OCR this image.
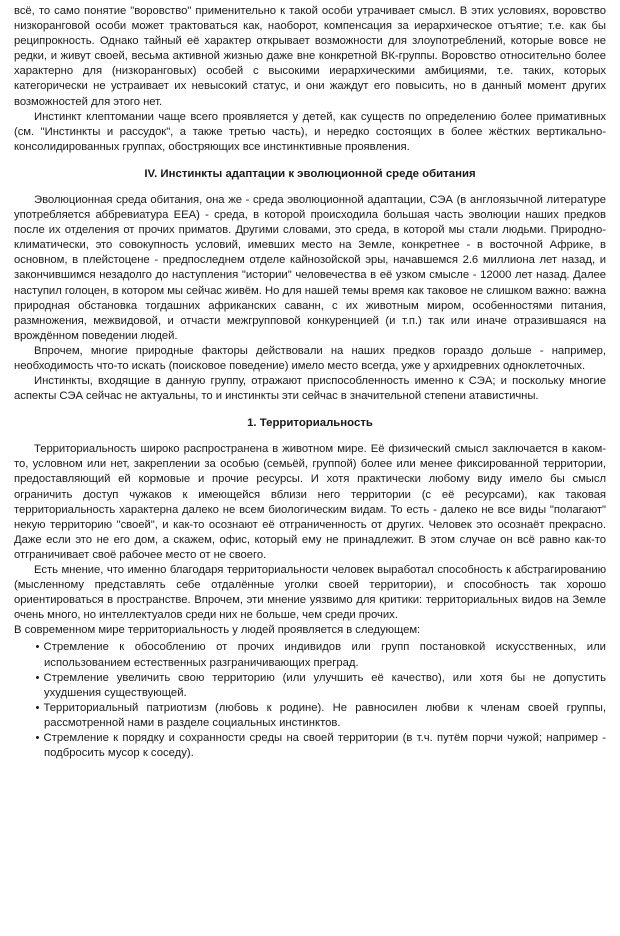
всё, то само понятие "воровство" применительно к такой особи утрачивает смысл. В этих условиях, воровство низкоранговой особи может трактоваться как, наоборот, компенсация за иерархическое отъятие; т.е. как бы реципрокность. Однако тайный её характер открывает возможности для злоупотреблений, которые вовсе не редки, и живут своей, весьма активной жизнью даже вне конкретной ВК-группы. Воровство относительно более характерно для (низкоранговых) особей с высокими иерархическими амбициями, т.е. таких, которых категорически не устраивает их невысокий статус, и они жаждут его повысить, но в данный момент других возможностей для этого нет.

Инстинкт клептомании чаще всего проявляется у детей, как существ по определению более примативных (см. "Инстинкты и рассудок", а также третью часть), и нередко состоящих в более жёстких вертикально-консолидированных группах, обостряющих все инстинктивные проявления.

IV. Инстинкты адаптации к эволюционной среде обитания

Эволюционная среда обитания, она же - среда эволюционной адаптации, СЭА (в англоязычной литературе употребляется аббревиатура ЕЕА) - среда, в которой происходила большая часть эволюции наших предков после их отделения от прочих приматов. Другими словами, это среда, в которой мы стали людьми. Природно-климатически, это совокупность условий, имевших место на Земле, конкретнее - в восточной Африке, в основном, в плейстоцене - предпоследнем отделе кайнозойской эры, начавшемся 2.6 миллиона лет назад, и закончившимся незадолго до наступления "истории" человечества в её узком смысле - 12000 лет назад. Далее наступил голоцен, в котором мы сейчас живём. Но для нашей темы время как таковое не слишком важно: важна природная обстановка тогдашних африканских саванн, с их животным миром, особенностями питания, размножения, межвидовой, и отчасти межгрупповой конкуренцией (и т.п.) так или иначе отразившаяся на врождённом поведении людей.

Впрочем, многие природные факторы действовали на наших предков гораздо дольше - например, необходимость что-то искать (поисковое поведение) имело место всегда, уже у архидревних одноклеточных.

Инстинкты, входящие в данную группу, отражают приспособленность именно к СЭА; и поскольку многие аспекты СЭА сейчас не актуальны, то и инстинкты эти сейчас в значительной степени атавистичны.

1. Территориальность

Территориальность широко распространена в животном мире. Её физический смысл заключается в каком-то, условном или нет, закреплении за особью (семьёй, группой) более или менее фиксированной территории, предоставляющий ей кормовые и прочие ресурсы. И хотя практически любому виду имело бы смысл ограничить доступ чужаков к имеющейся вблизи него территории (с её ресурсами), как таковая территориальность характерна далеко не всем биологическим видам. То есть - далеко не все виды "полагают" некую территорию "своей", и как-то осознают её отграниченность от других. Человек это осознаёт прекрасно. Даже если это не его дом, а скажем, офис, который ему не принадлежит. В этом случае он всё равно как-то отграничивает своё рабочее место от не своего.

Есть мнение, что именно благодаря территориальности человек выработал способность к абстрагированию (мысленному представлять себе отдалённые уголки своей территории), и способность так хорошо ориентироваться в пространстве. Впрочем, эти мнение уязвимо для критики: территориальных видов на Земле очень много, но интеллектуалов среди них не больше, чем среди прочих.

В современном мире территориальность у людей проявляется в следующем:

• Стремление к обособлению от прочих индивидов или групп постановкой искусственных, или использованием естественных разграничивающих преград.
• Стремление увеличить свою территорию (или улучшить её качество), или хотя бы не допустить ухудшения существующей.
• Территориальный патриотизм (любовь к родине). Не равносилен любви к членам своей группы, рассмотренной нами в разделе социальных инстинктов.
• Стремление к порядку и сохранности среды на своей территории (в т.ч. путём порчи чужой; например - подбросить мусор к соседу).
